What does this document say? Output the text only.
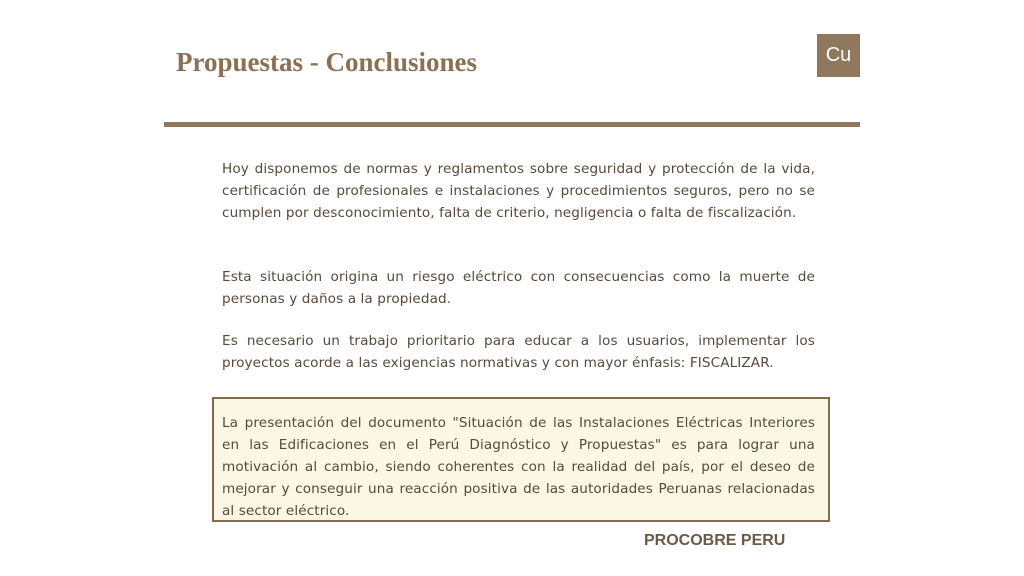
Propuestas - Conclusiones	Cu
Hoy disponemos de normas y reglamentos sobre seguridad y protección de la vida, certificación de profesionales e instalaciones y procedimientos seguros, pero no se cumplen por desconocimiento, falta de criterio, negligencia o falta de fiscalización.
Esta situación origina un riesgo eléctrico con consecuencias como la muerte de personas y daños a la propiedad.
Es necesario un trabajo prioritario para educar a los usuarios, implementar los proyectos acorde a las exigencias normativas y con mayor énfasis: FISCALIZAR.
La presentación del documento "Situación de las Instalaciones Eléctricas Interiores en las Edificaciones en el Perú Diagnóstico y Propuestas" es para lograr una motivación al cambio, siendo coherentes con la realidad del país, por el deseo de mejorar y conseguir una reacción positiva de las autoridades Peruanas relacionadas al sector eléctrico.
PROCOBRE PERU
